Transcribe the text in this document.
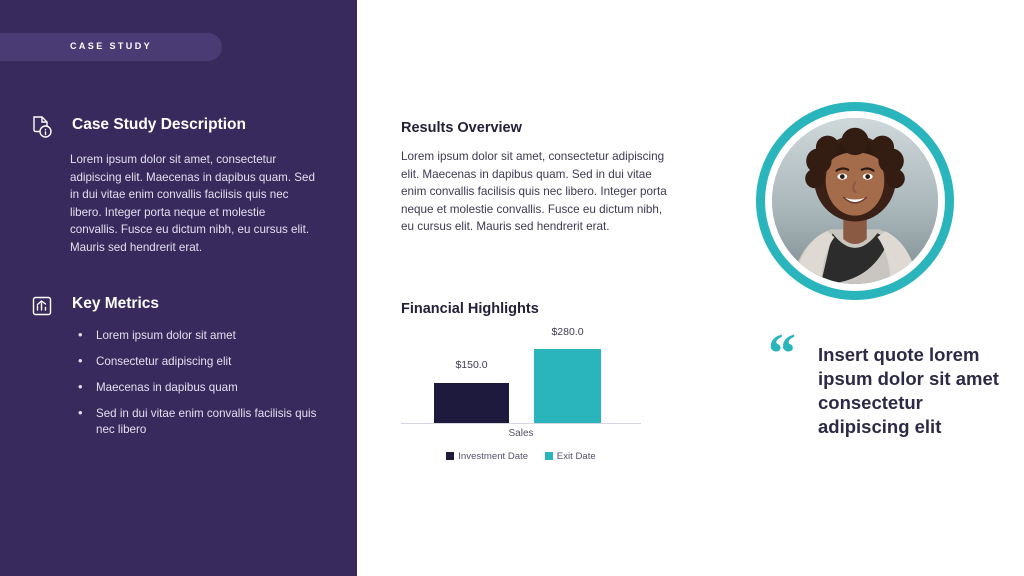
CASE STUDY
Case Study Description
Lorem ipsum dolor sit amet, consectetur adipiscing elit. Maecenas in dapibus quam. Sed in dui vitae enim convallis facilisis quis nec libero. Integer porta neque et molestie convallis. Fusce eu dictum nibh, eu cursus elit. Mauris sed hendrerit erat.
Key Metrics
• Lorem ipsum dolor sit amet
• Consectetur adipiscing elit
• Maecenas in dapibus quam
• Sed in dui vitae enim convallis facilisis quis nec libero
Results Overview
Lorem ipsum dolor sit amet, consectetur adipiscing elit. Maecenas in dapibus quam. Sed in dui vitae enim convallis facilisis quis nec libero. Integer porta neque et molestie convallis. Fusce eu dictum nibh, eu cursus elit. Mauris sed hendrerit erat.
Financial Highlights
$150.0
$280.0
Sales
Investment Date	Exit Date
“ Insert quote lorem ipsum dolor sit amet consectetur adipiscing elit
